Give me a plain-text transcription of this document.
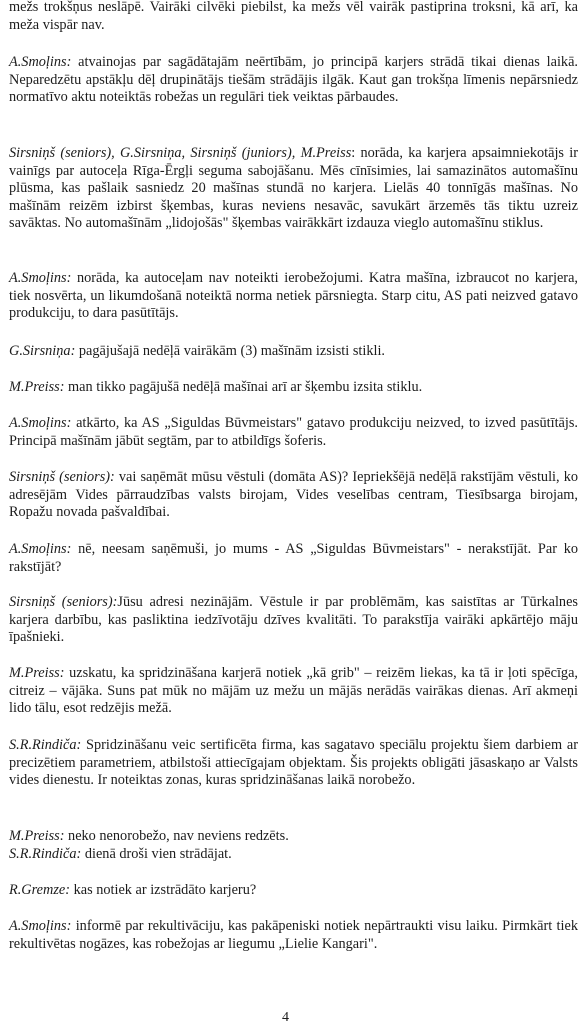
mežs trokšņus neslāpē. Vairāki cilvēki piebilst, ka mežs vēl vairāk pastiprina troksni, kā arī, ka meža vispār nav.

A.Smoļins: atvainojas par sagādātajām neērtībām, jo principā karjers strādā tikai dienas laikā. Neparedzētu apstākļu dēļ drupinātājs tiešām strādājis ilgāk. Kaut gan trokšņa līmenis nepārsniedz normatīvo aktu noteiktās robežas un regulāri tiek veiktas pārbaudes.

Sirsniņš (seniors), G.Sirsniņa, Sirsniņš (juniors), M.Preiss: norāda, ka karjera apsaimniekotājs ir vainīgs par autoceļa Rīga-Ērgļi seguma sabojāšanu. Mēs cīnīsimies, lai samazinātos automašīnu plūsma, kas pašlaik sasniedz 20 mašīnas stundā no karjera. Lielās 40 tonnīgās mašīnas. No mašīnām reizēm izbirst šķembas, kuras neviens nesavāc, savukārt ārzemēs tās tiktu uzreiz savāktas. No automašīnām „lidojošās" šķembas vairākkārt izdauza vieglo automašīnu stiklus.

A.Smoļins: norāda, ka autoceļam nav noteikti ierobežojumi. Katra mašīna, izbraucot no karjera, tiek nosvērta, un likumdošanā noteiktā norma netiek pārsniegta. Starp citu, AS pati neizved gatavo produkciju, to dara pasūtītājs.

G.Sirsniņa: pagājušajā nedēļā vairākām (3) mašīnām izsisti stikli.

M.Preiss: man tikko pagājušā nedēļā mašīnai arī ar šķembu izsita stiklu.

A.Smoļins: atkārto, ka AS „Siguldas Būvmeistars" gatavo produkciju neizved, to izved pasūtītājs. Principā mašīnām jābūt segtām, par to atbildīgs šoferis.

Sirsniņš (seniors): vai saņēmāt mūsu vēstuli (domāta AS)? Iepriekšējā nedēļā rakstījām vēstuli, ko adresējām Vides pārraudzības valsts birojam, Vides veselības centram, Tiesībsarga birojam, Ropažu novada pašvaldībai.

A.Smoļins: nē, neesam saņēmuši, jo mums - AS „Siguldas Būvmeistars" - nerakstījāt. Par ko rakstījāt?

Sirsniņš (seniors):Jūsu adresi nezinājām. Vēstule ir par problēmām, kas saistītas ar Tūrkalnes karjera darbību, kas pasliktina iedzīvotāju dzīves kvalitāti. To parakstīja vairāki apkārtējo māju īpašnieki.

M.Preiss: uzskatu, ka spridzināšana karjerā notiek „kā grib" – reizēm liekas, ka tā ir ļoti spēcīga, citreiz – vājāka. Suns pat mūk no mājām uz mežu un mājās nerādās vairākas dienas. Arī akmeņi lido tālu, esot redzējis mežā.

S.R.Rindiča: Spridzināšanu veic sertificēta firma, kas sagatavo speciālu projektu šiem darbiem ar precizētiem parametriem, atbilstoši attiecīgajam objektam. Šis projekts obligāti jāsaskaņo ar Valsts vides dienestu. Ir noteiktas zonas, kuras spridzināšanas laikā norobežo.

M.Preiss: neko nenorobežo, nav neviens redzēts.

S.R.Rindiča: dienā droši vien strādājat.

R.Gremze: kas notiek ar izstrādāto karjeru?

A.Smoļins: informē par rekultivāciju, kas pakāpeniski notiek nepārtraukti visu laiku. Pirmkārt tiek rekultivētas nogāzes, kas robežojas ar liegumu „Lielie Kangari".

4
